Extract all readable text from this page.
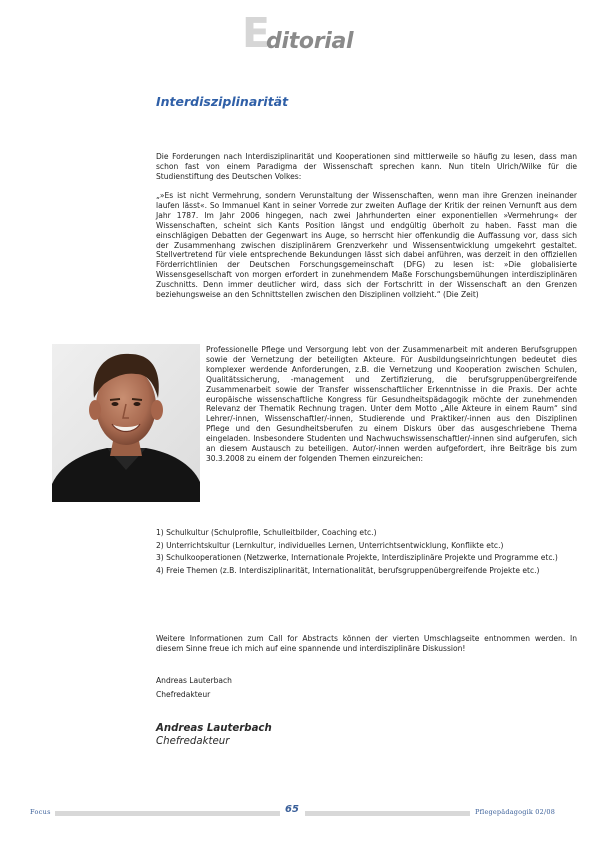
E
ditorial
Interdisziplinarität

Die Forderungen nach Interdisziplinarität und Kooperationen sind mittlerweile so häufig zu lesen, dass man schon fast von einem Paradigma der Wissenschaft sprechen kann. Nun titeln Ulrich/Wilke für die Studienstiftung des Deutschen Volkes:

„»Es ist nicht Vermehrung, sondern Verunstaltung der Wissenschaften, wenn man ihre Grenzen ineinander laufen lässt«. So Immanuel Kant in seiner Vorrede zur zweiten Auflage der Kritik der reinen Vernunft aus dem Jahr 1787. Im Jahr 2006 hingegen, nach zwei Jahrhunderten einer exponentiellen »Vermehrung« der Wissenschaften, scheint sich Kants Position längst und endgültig überholt zu haben. Fasst man die einschlägigen Debatten der Gegenwart ins Auge, so herrscht hier offenkundig die Auffassung vor, dass sich der Zusammenhang zwischen disziplinärem Grenzverkehr und Wissensentwicklung umgekehrt gestaltet. Stellvertretend für viele entsprechende Bekundungen lässt sich dabei anführen, was derzeit in den offiziellen Förderrichtlinien der Deutschen Forschungsgemeinschaft (DFG) zu lesen ist: »Die globalisierte Wissensgesellschaft von morgen erfordert in zunehmendem Maße Forschungsbemühungen interdisziplinären Zuschnitts. Denn immer deutlicher wird, dass sich der Fortschritt in der Wissenschaft an den Grenzen beziehungsweise an den Schnittstellen zwischen den Disziplinen vollzieht.“ (Die Zeit)

Professionelle Pflege und Versorgung lebt von der Zusammenarbeit mit anderen Berufsgruppen sowie der Vernetzung der beteiligten Akteure. Für Ausbildungseinrichtungen bedeutet dies komplexer werdende Anforderungen, z.B. die Vernetzung und Kooperation zwischen Schulen, Qualitätssicherung, -management und Zertifizierung, die berufsgruppenübergreifende Zusammenarbeit sowie der Transfer wissenschaftlicher Erkenntnisse in die Praxis. Der achte europäische wissenschaftliche Kongress für Gesundheitspädagogik möchte der zunehmenden Relevanz der Thematik Rechnung tragen. Unter dem Motto „Alle Akteure in einem Raum“ sind Lehrer/-innen, Wissenschaftler/-innen, Studierende und Praktiker/-innen aus den Disziplinen Pflege und den Gesundheitsberufen zu einem Diskurs über das ausgeschriebene Thema eingeladen. Insbesondere Studenten und Nachwuchswissenschaftler/-innen sind aufgerufen, sich an diesem Austausch zu beteiligen. Autor/-innen werden aufgefordert, ihre Beiträge bis zum 30.3.2008 zu einem der folgenden Themen einzureichen:

1) Schulkultur (Schulprofile, Schulleitbilder, Coaching etc.)
2) Unterrichtskultur (Lernkultur, individuelles Lernen, Unterrichtsentwicklung, Konflikte etc.)
3) Schulkooperationen (Netzwerke, Internationale Projekte, Interdisziplinäre Projekte und Programme etc.)
4) Freie Themen (z.B. Interdisziplinarität, Internationalität, berufsgruppenübergreifende Projekte etc.)

Weitere Informationen zum Call for Abstracts können der vierten Umschlagseite entnommen werden. In diesem Sinne freue ich mich auf eine spannende und interdisziplinäre Diskussion!

Andreas Lauterbach

Chefredakteur

Andreas Lauterbach
Chefredakteur
Focus	65	Pflegepädagogik 02/08
